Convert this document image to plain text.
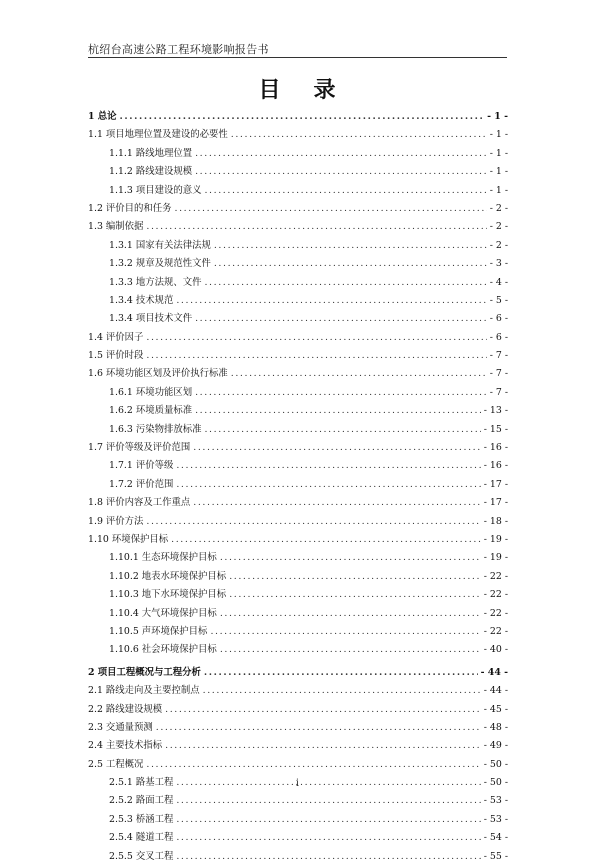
杭绍台高速公路工程环境影响报告书
目 录
1 总论 .....	- 1 -
1.1 项目地理位置及建设的必要性 .....	- 1 -
1.1.1 路线地理位置 .....	- 1 -
1.1.2 路线建设规模 .....	- 1 -
1.1.3 项目建设的意义 .....	- 1 -
1.2 评价目的和任务 .....	- 2 -
1.3 编制依据 .....	- 2 -
1.3.1 国家有关法律法规 .....	- 2 -
1.3.2 规章及规范性文件 .....	- 3 -
1.3.3 地方法规、文件 .....	- 4 -
1.3.4 技术规范 .....	- 5 -
1.3.4 项目技术文件 .....	- 6 -
1.4 评价因子 .....	- 6 -
1.5 评价时段 .....	- 7 -
1.6 环境功能区划及评价执行标准 .....	- 7 -
1.6.1 环境功能区划 .....	- 7 -
1.6.2 环境质量标准 .....	- 13 -
1.6.3 污染物排放标准 .....	- 15 -
1.7 评价等级及评价范围 .....	- 16 -
1.7.1 评价等级 .....	- 16 -
1.7.2 评价范围 .....	- 17 -
1.8 评价内容及工作重点 .....	- 17 -
1.9 评价方法 .....	- 18 -
1.10 环境保护目标 .....	- 19 -
1.10.1 生态环境保护目标 .....	- 19 -
1.10.2 地表水环境保护目标 .....	- 22 -
1.10.3 地下水环境保护目标 .....	- 22 -
1.10.4 大气环境保护目标 .....	- 22 -
1.10.5 声环境保护目标 .....	- 22 -
1.10.6 社会环境保护目标 .....	- 40 -
2 项目工程概况与工程分析 .....	- 44 -
2.1 路线走向及主要控制点 .....	- 44 -
2.2 路线建设规模 .....	- 45 -
2.3 交通量预测 .....	- 48 -
2.4 主要技术指标 .....	- 49 -
2.5 工程概况 .....	- 50 -
2.5.1 路基工程 .....	- 50 -
2.5.2 路面工程 .....	- 53 -
2.5.3 桥涵工程 .....	- 53 -
2.5.4 隧道工程 .....	- 54 -
2.5.5 交叉工程 .....	- 55 -
i
